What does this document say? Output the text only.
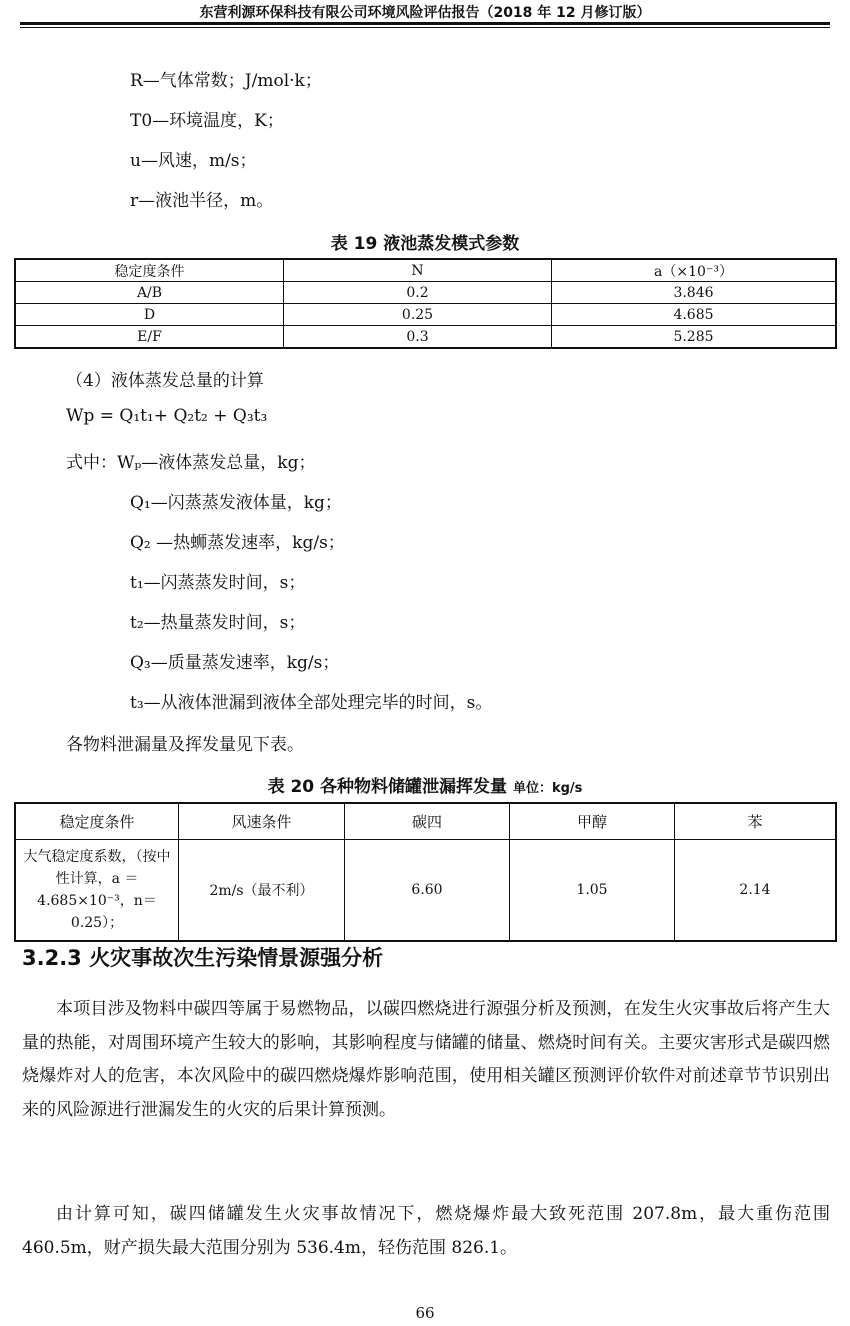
东营利源环保科技有限公司环境风险评估报告（2018 年 12 月修订版）
R—气体常数；J/mol·k；
T0—环境温度，K；
u—风速，m/s；
r—液池半径，m。
表 19 液池蒸发模式参数
稳定度条件	N	a（×10⁻³）
A/B	0.2	3.846
D	0.25	4.685
E/F	0.3	5.285
（4）液体蒸发总量的计算
Wp = Q₁t₁+ Q₂t₂ + Q₃t₃
式中：Wₚ—液体蒸发总量，kg；
Q₁—闪蒸蒸发液体量，kg；
Q₂ —热蛳蒸发速率，kg/s；
t₁—闪蒸蒸发时间，s；
t₂—热量蒸发时间，s；
Q₃—质量蒸发速率，kg/s；
t₃—从液体泄漏到液体全部处理完毕的时间，s。
各物料泄漏量及挥发量见下表。
表 20 各种物料储罐泄漏挥发量 单位：kg/s
稳定度条件	风速条件	碳四	甲醇	苯
大气稳定度系数，（按中性计算，a ＝4.685×10⁻³，n＝ 0.25）；	2m/s（最不利）	6.60	1.05	2.14
3.2.3 火灾事故次生污染情景源强分析
本项目涉及物料中碳四等属于易燃物品，以碳四燃烧进行源强分析及预测，在发生火灾事故后将产生大量的热能，对周围环境产生较大的影响，其影响程度与储罐的储量、燃烧时间有关。主要灾害形式是碳四燃烧爆炸对人的危害，本次风险中的碳四燃烧爆炸影响范围，使用相关罐区预测评价软件对前述章节节识别出来的风险源进行泄漏发生的火灾的后果计算预测。
由计算可知，碳四储罐发生火灾事故情况下，燃烧爆炸最大致死范围 207.8m，最大重伤范围 460.5m，财产损失最大范围分别为 536.4m，轻伤范围 826.1。
66
